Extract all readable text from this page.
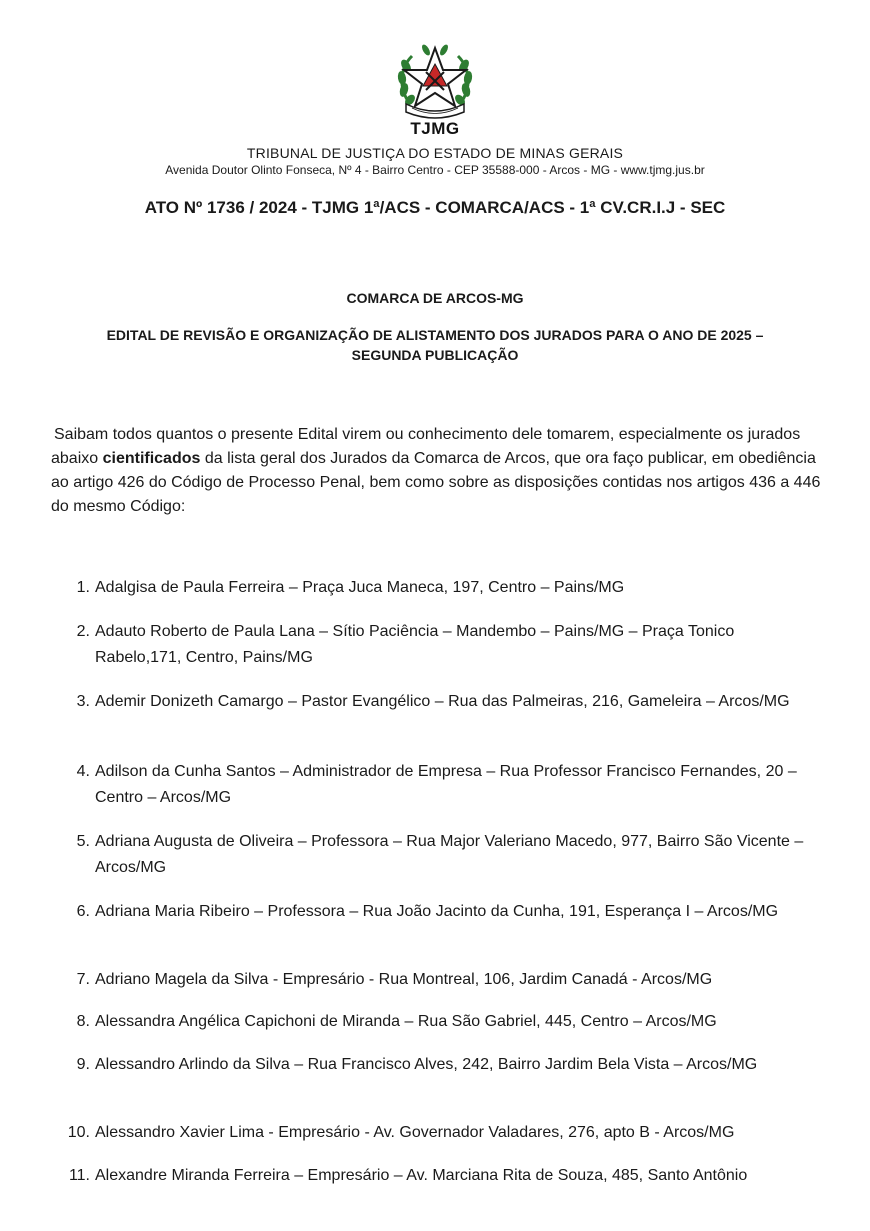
TJMG
TRIBUNAL DE JUSTIÇA DO ESTADO DE MINAS GERAIS
Avenida Doutor Olinto Fonseca, Nº 4 - Bairro Centro - CEP 35588-000 - Arcos - MG - www.tjmg.jus.br
ATO Nº 1736 / 2024 - TJMG 1ª/ACS - COMARCA/ACS - 1ª CV.CR.I.J - SEC
COMARCA DE ARCOS-MG
EDITAL DE REVISÃO E ORGANIZAÇÃO DE ALISTAMENTO DOS JURADOS PARA O ANO DE 2025 –
SEGUNDA PUBLICAÇÃO
Saibam todos quantos o presente Edital virem ou conhecimento dele tomarem, especialmente os jurados abaixo cientificados da lista geral dos Jurados da Comarca de Arcos, que ora faço publicar, em obediência ao artigo 426 do Código de Processo Penal, bem como sobre as disposições contidas nos artigos 436 a 446 do mesmo Código:
1. Adalgisa de Paula Ferreira – Praça Juca Maneca, 197, Centro – Pains/MG
2. Adauto Roberto de Paula Lana – Sítio Paciência – Mandembo – Pains/MG – Praça Tonico Rabelo,171, Centro, Pains/MG
3. Ademir Donizeth Camargo – Pastor Evangélico – Rua das Palmeiras, 216, Gameleira – Arcos/MG
4. Adilson da Cunha Santos – Administrador de Empresa – Rua Professor Francisco Fernandes, 20 – Centro – Arcos/MG
5. Adriana Augusta de Oliveira – Professora – Rua Major Valeriano Macedo, 977, Bairro São Vicente – Arcos/MG
6. Adriana Maria Ribeiro – Professora – Rua João Jacinto da Cunha, 191, Esperança I – Arcos/MG
7. Adriano Magela da Silva - Empresário - Rua Montreal, 106, Jardim Canadá - Arcos/MG
8. Alessandra Angélica Capichoni de Miranda – Rua São Gabriel, 445, Centro – Arcos/MG
9. Alessandro Arlindo da Silva – Rua Francisco Alves, 242, Bairro Jardim Bela Vista – Arcos/MG
10. Alessandro Xavier Lima - Empresário - Av. Governador Valadares, 276, apto B - Arcos/MG
11. Alexandre Miranda Ferreira – Empresário – Av. Marciana Rita de Souza, 485, Santo Antônio
